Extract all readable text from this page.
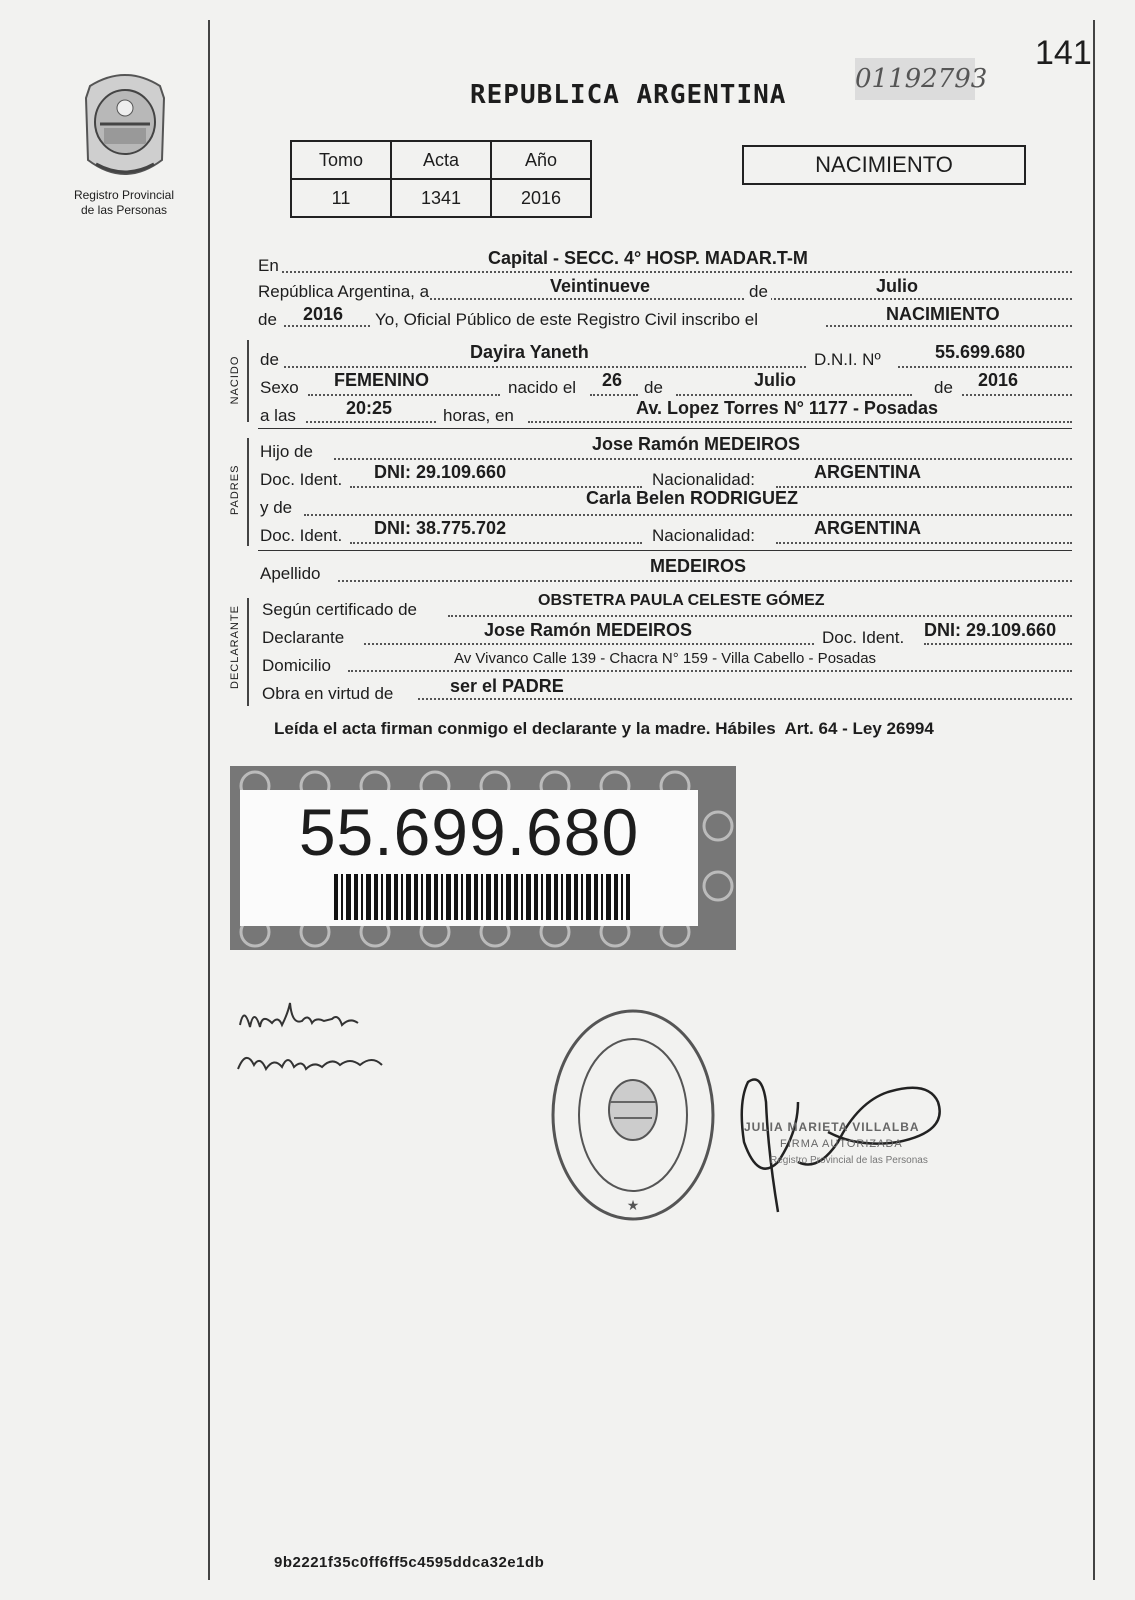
141
01192793
REPUBLICA ARGENTINA
Registro Provincial
de las Personas
Tomo	Acta	Año
11	1341	2016
NACIMIENTO
En	Capital - SECC. 4° HOSP. MADAR.T-M
República Argentina, a	Veintinueve	de	Julio
de 2016 Yo, Oficial Público de este Registro Civil inscribo el	NACIMIENTO
NACIDO de	Dayira Yaneth	D.N.I. Nº	55.699.680
Sexo FEMENINO	nacido el 26 de	Julio	de 2016
a las	20:25	horas, en	Av. Lopez Torres N° 1177 - Posadas
PADRES
Hijo de	Jose Ramón MEDEIROS
Doc. Ident. DNI: 29.109.660	Nacionalidad:	ARGENTINA
y de	Carla Belen RODRIGUEZ
Doc. Ident. DNI: 38.775.702	Nacionalidad:	ARGENTINA
Apellido	MEDEIROS
DECLARANTE Según certificado de	OBSTETRA PAULA CELESTE GÓMEZ
Declarante	Jose Ramón MEDEIROS	Doc. Ident. DNI: 29.109.660
Domicilio	Av Vivanco Calle 139 - Chacra N° 159 - Villa Cabello - Posadas
Obra en virtud de	ser el PADRE
Leída el acta firman conmigo el declarante y la madre. Hábiles  Art. 64 - Ley 26994
55.699.680
★
JULIA MARIETA VILLALBA
FIRMA AUTORIZADA
Registro Provincial de las Personas
9b2221f35c0ff6ff5c4595ddca32e1db
